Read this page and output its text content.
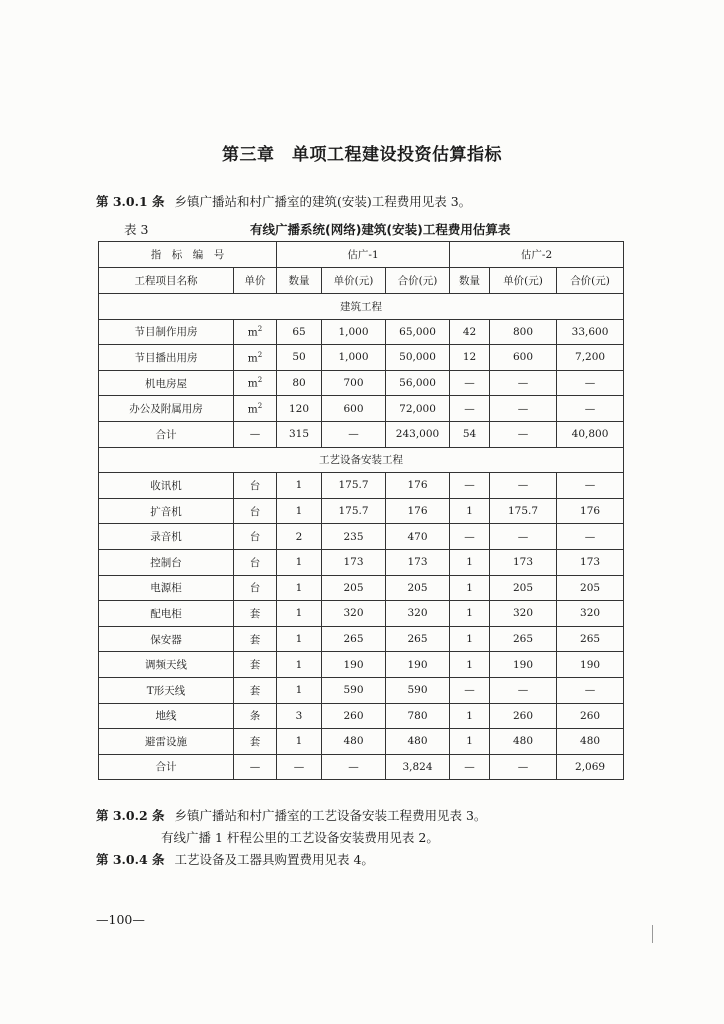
第三章　单项工程建设投资估算指标
第 3.0.1 条 乡镇广播站和村广播室的建筑(安装)工程费用见表 3。
表 3	有线广播系统(网络)建筑(安装)工程费用估算表
指　标　编　号		估广-1			估广-2		
工程项目名称	单价	数量	单价(元)	合价(元)	数量	单价(元)	合价(元)
建筑工程							
节目制作用房	$m^2$	65	1,000	65,000	42	800	33,600
节目播出用房	$m^2$	50	1,000	50,000	12	600	7,200
机电房屋	$m^2$	80	700	56,000	—	—	—
办公及附属用房	$m^2$	120	600	72,000	—	—	—
合计	—	315	—	243,000	54	—	40,800
工艺设备安装工程							
收讯机	台	1	175.7	176	—	—	—
扩音机	台	1	175.7	176	1	175.7	176
录音机	台	2	235	470	—	—	—
控制台	台	1	173	173	1	173	173
电源柜	台	1	205	205	1	205	205
配电柜	套	1	320	320	1	320	320
保安器	套	1	265	265	1	265	265
调频天线	套	1	190	190	1	190	190
T形天线	套	1	590	590	—	—	—
地线	条	3	260	780	1	260	260
避雷设施	套	1	480	480	1	480	480
合计	—	—	—	3,824	—	—	2,069
第 3.0.2 条 乡镇广播站和村广播室的工艺设备安装工程费用见表 3。
有线广播 1 杆程公里的工艺设备安装费用见表 2。
第 3.0.4 条 工艺设备及工器具购置费用见表 4。
—100—
